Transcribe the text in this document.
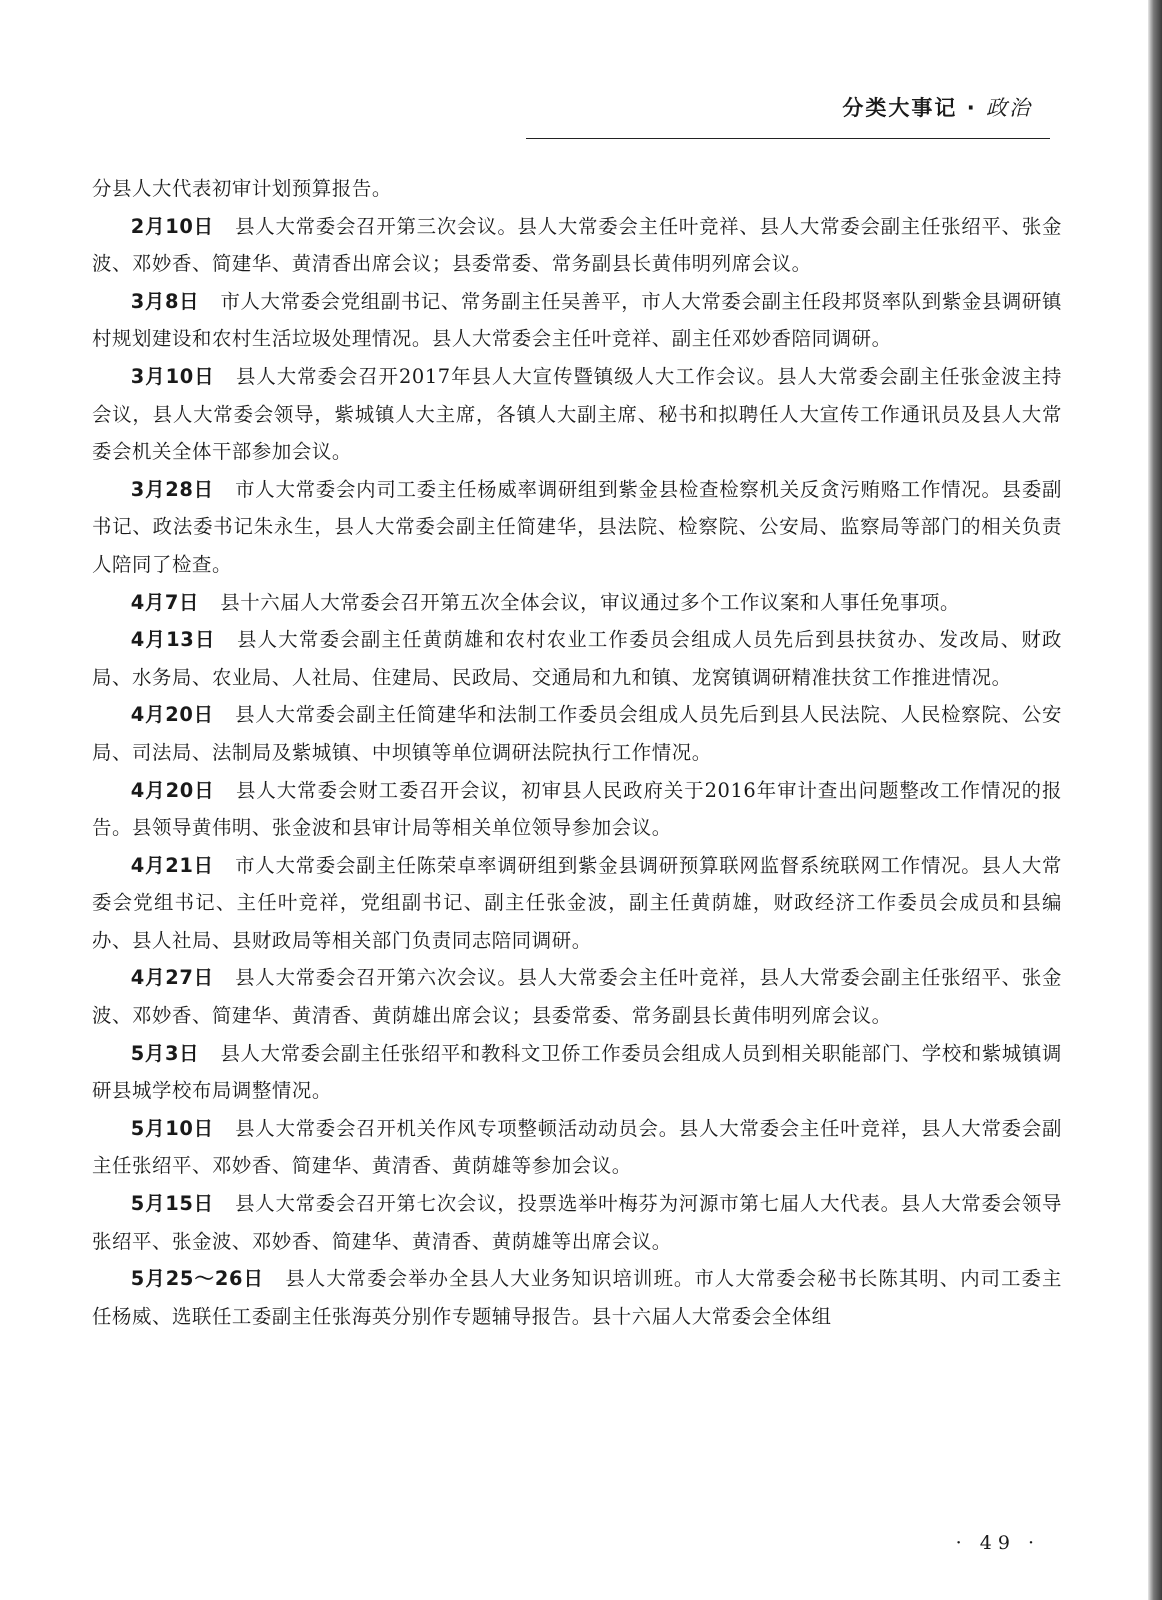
分类大事记 · 政治

分县人大代表初审计划预算报告。

2月10日 县人大常委会召开第三次会议。县人大常委会主任叶竞祥、县人大常委会副主任张绍平、张金波、邓妙香、简建华、黄清香出席会议；县委常委、常务副县长黄伟明列席会议。

3月8日 市人大常委会党组副书记、常务副主任吴善平，市人大常委会副主任段邦贤率队到紫金县调研镇村规划建设和农村生活垃圾处理情况。县人大常委会主任叶竞祥、副主任邓妙香陪同调研。

3月10日 县人大常委会召开2017年县人大宣传暨镇级人大工作会议。县人大常委会副主任张金波主持会议，县人大常委会领导，紫城镇人大主席，各镇人大副主席、秘书和拟聘任人大宣传工作通讯员及县人大常委会机关全体干部参加会议。

3月28日 市人大常委会内司工委主任杨威率调研组到紫金县检查检察机关反贪污贿赂工作情况。县委副书记、政法委书记朱永生，县人大常委会副主任简建华，县法院、检察院、公安局、监察局等部门的相关负责人陪同了检查。

4月7日 县十六届人大常委会召开第五次全体会议，审议通过多个工作议案和人事任免事项。

4月13日 县人大常委会副主任黄荫雄和农村农业工作委员会组成人员先后到县扶贫办、发改局、财政局、水务局、农业局、人社局、住建局、民政局、交通局和九和镇、龙窝镇调研精准扶贫工作推进情况。

4月20日 县人大常委会副主任简建华和法制工作委员会组成人员先后到县人民法院、人民检察院、公安局、司法局、法制局及紫城镇、中坝镇等单位调研法院执行工作情况。

4月20日 县人大常委会财工委召开会议，初审县人民政府关于2016年审计查出问题整改工作情况的报告。县领导黄伟明、张金波和县审计局等相关单位领导参加会议。

4月21日 市人大常委会副主任陈荣卓率调研组到紫金县调研预算联网监督系统联网工作情况。县人大常委会党组书记、主任叶竞祥，党组副书记、副主任张金波，副主任黄荫雄，财政经济工作委员会成员和县编办、县人社局、县财政局等相关部门负责同志陪同调研。

4月27日 县人大常委会召开第六次会议。县人大常委会主任叶竞祥，县人大常委会副主任张绍平、张金波、邓妙香、简建华、黄清香、黄荫雄出席会议；县委常委、常务副县长黄伟明列席会议。

5月3日 县人大常委会副主任张绍平和教科文卫侨工作委员会组成人员到相关职能部门、学校和紫城镇调研县城学校布局调整情况。

5月10日 县人大常委会召开机关作风专项整顿活动动员会。县人大常委会主任叶竞祥，县人大常委会副主任张绍平、邓妙香、简建华、黄清香、黄荫雄等参加会议。

5月15日 县人大常委会召开第七次会议，投票选举叶梅芬为河源市第七届人大代表。县人大常委会领导张绍平、张金波、邓妙香、简建华、黄清香、黄荫雄等出席会议。

5月25～26日 县人大常委会举办全县人大业务知识培训班。市人大常委会秘书长陈其明、内司工委主任杨威、选联任工委副主任张海英分别作专题辅导报告。县十六届人大常委会全体组

· 49 ·
